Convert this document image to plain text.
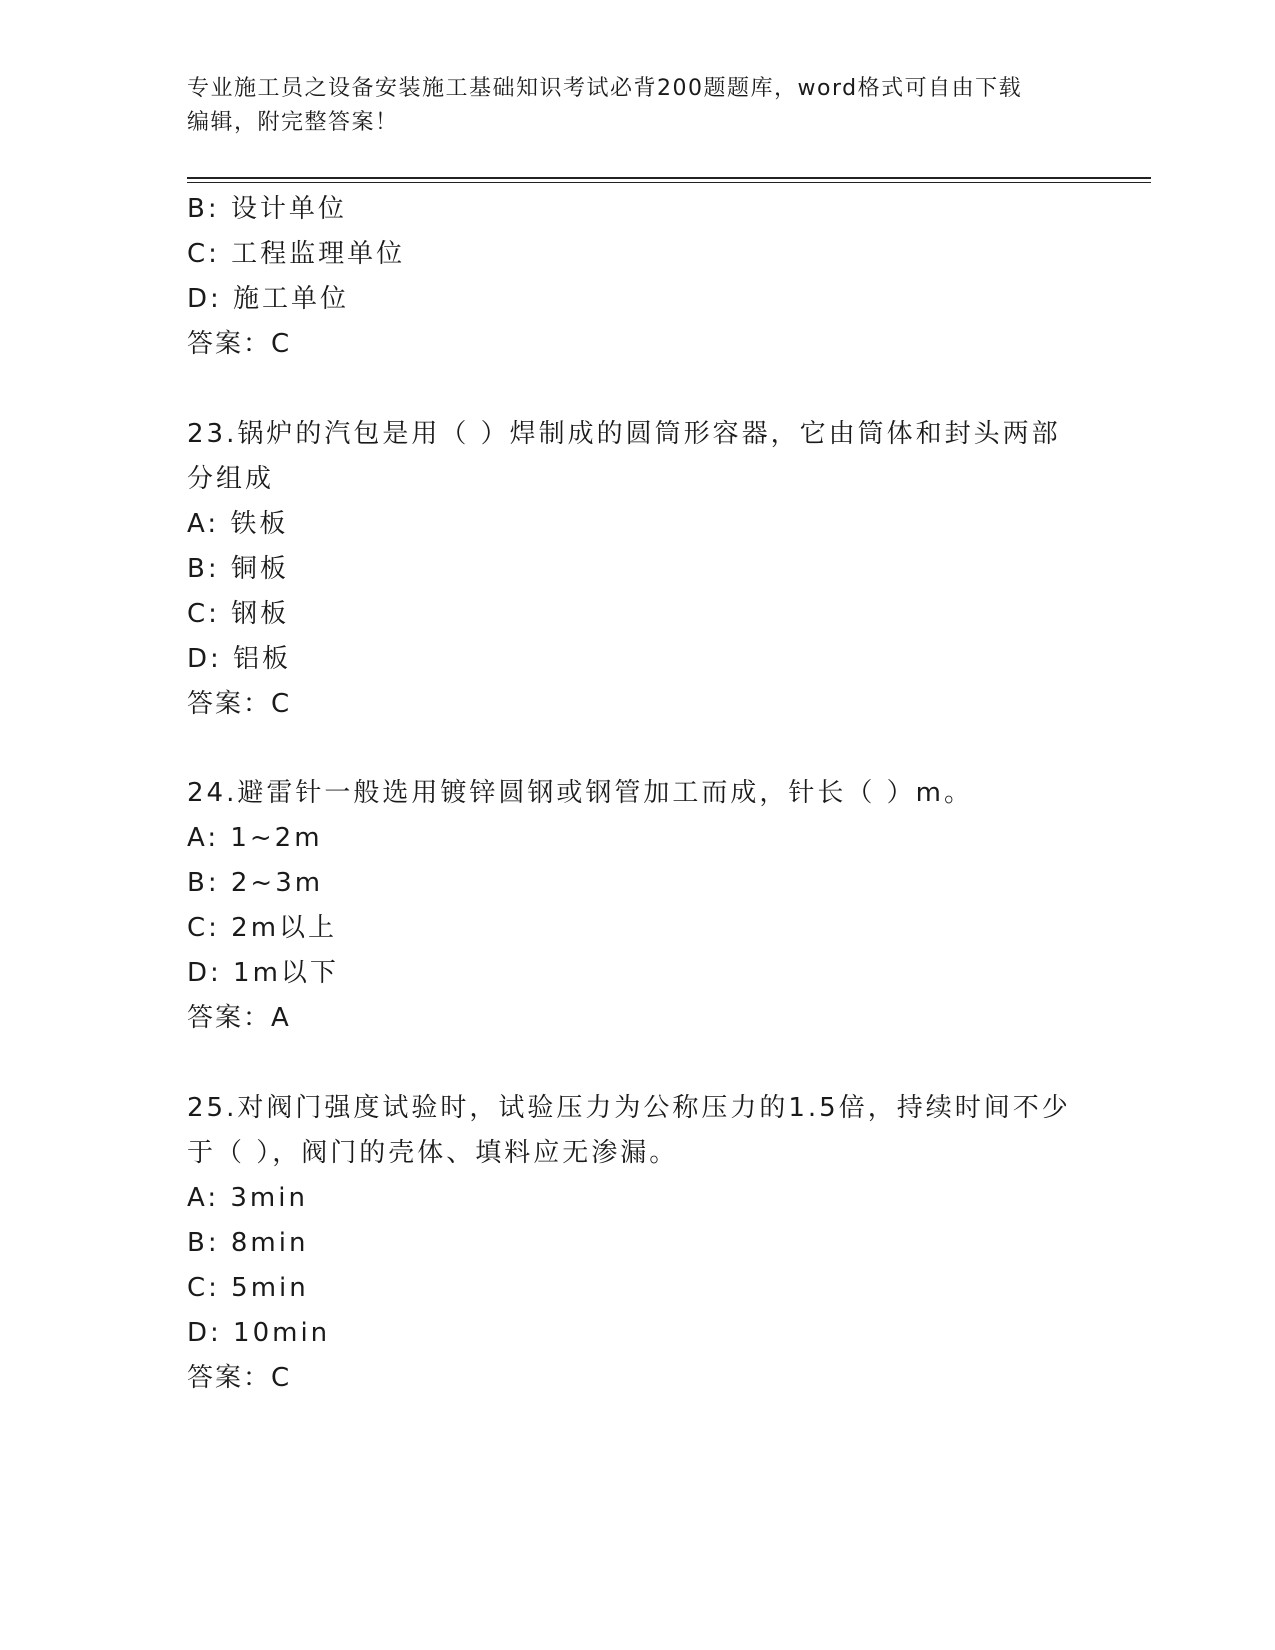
专业施工员之设备安装施工基础知识考试必背200题题库，word格式可自由下载
编辑，附完整答案！
B: 设计单位
C: 工程监理单位
D: 施工单位
答案：C
23.锅炉的汽包是用（ ）焊制成的圆筒形容器，它由筒体和封头两部
分组成
A: 铁板
B: 铜板
C: 钢板
D: 铝板
答案：C
24.避雷针一般选用镀锌圆钢或钢管加工而成，针长（ ）m。
A: 1~2m
B: 2~3m
C: 2m以上
D: 1m以下
答案：A
25.对阀门强度试验时，试验压力为公称压力的1.5倍，持续时间不少
于（ ），阀门的壳体、填料应无渗漏。
A: 3min
B: 8min
C: 5min
D: 10min
答案：C
